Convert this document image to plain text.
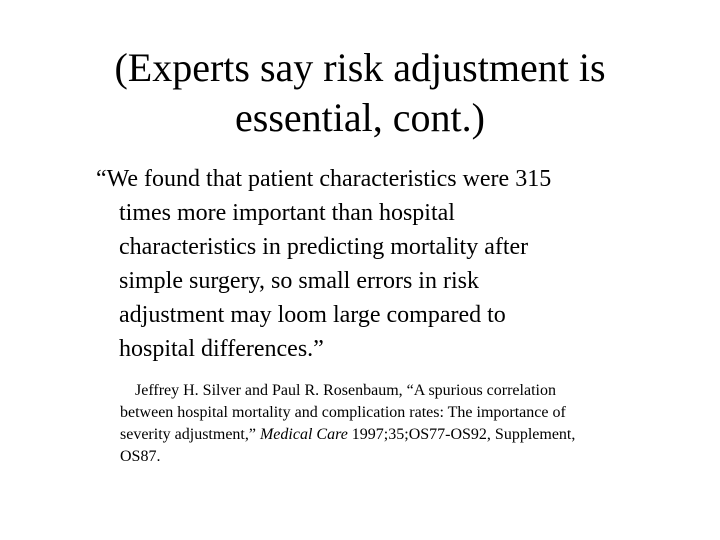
(Experts say risk adjustment is
essential, cont.)

“We found that patient characteristics were 315
times more important than hospital
characteristics in predicting mortality after
simple surgery, so small errors in risk
adjustment may loom large compared to
hospital differences.”

Jeffrey H. Silver and Paul R. Rosenbaum, “A spurious correlation
between hospital mortality and complication rates: The importance of
severity adjustment,” Medical Care 1997;35;OS77-OS92, Supplement,
OS87.
